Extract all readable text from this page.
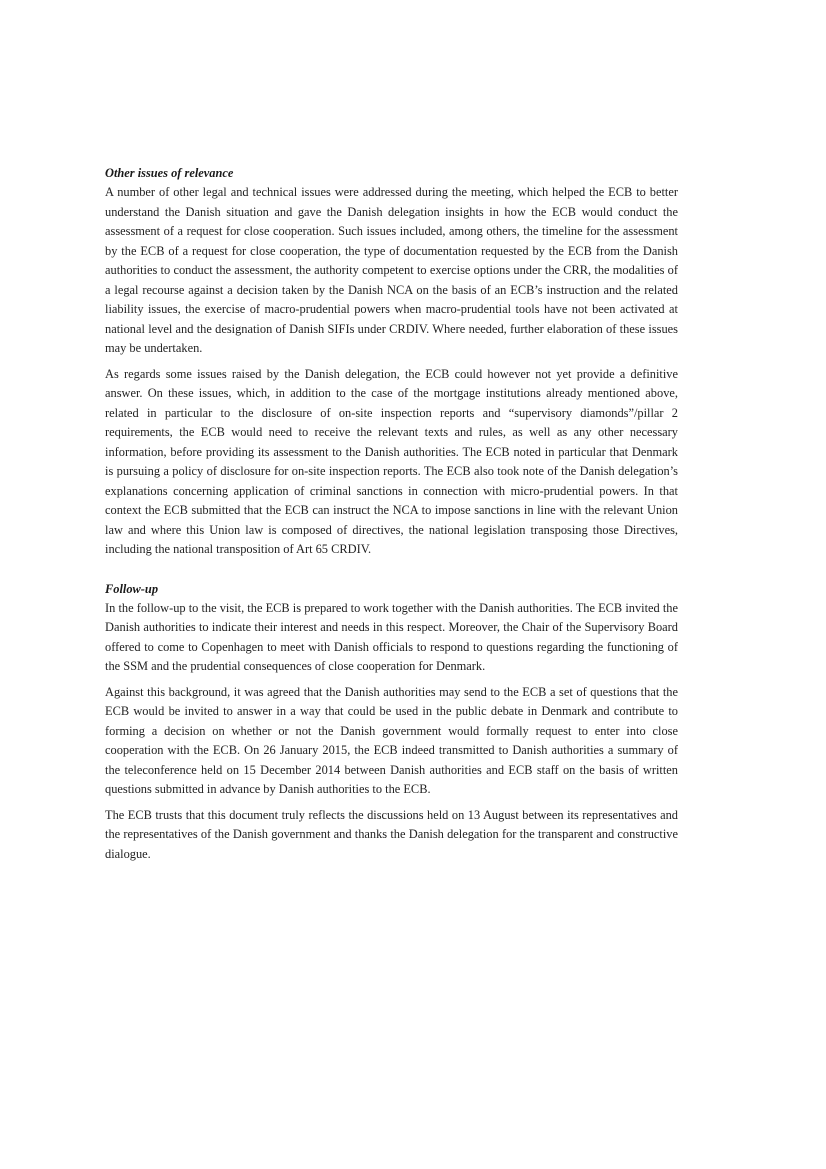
Other issues of relevance

A number of other legal and technical issues were addressed during the meeting, which helped the ECB to better understand the Danish situation and gave the Danish delegation insights in how the ECB would conduct the assessment of a request for close cooperation. Such issues included, among others, the timeline for the assessment by the ECB of a request for close cooperation, the type of documentation requested by the ECB from the Danish authorities to conduct the assessment, the authority competent to exercise options under the CRR, the modalities of a legal recourse against a decision taken by the Danish NCA on the basis of an ECB’s instruction and the related liability issues, the exercise of macro-prudential powers when macro-prudential tools have not been activated at national level and the designation of Danish SIFIs under CRDIV. Where needed, further elaboration of these issues may be undertaken.

As regards some issues raised by the Danish delegation, the ECB could however not yet provide a definitive answer. On these issues, which, in addition to the case of the mortgage institutions already mentioned above, related in particular to the disclosure of on-site inspection reports and “supervisory diamonds”/pillar 2 requirements, the ECB would need to receive the relevant texts and rules, as well as any other necessary information, before providing its assessment to the Danish authorities. The ECB noted in particular that Denmark is pursuing a policy of disclosure for on-site inspection reports. The ECB also took note of the Danish delegation’s explanations concerning application of criminal sanctions in connection with micro-prudential powers. In that context the ECB submitted that the ECB can instruct the NCA to impose sanctions in line with the relevant Union law and where this Union law is composed of directives, the national legislation transposing those Directives, including the national transposition of Art 65 CRDIV.

Follow-up

In the follow-up to the visit, the ECB is prepared to work together with the Danish authorities. The ECB invited the Danish authorities to indicate their interest and needs in this respect. Moreover, the Chair of the Supervisory Board offered to come to Copenhagen to meet with Danish officials to respond to questions regarding the functioning of the SSM and the prudential consequences of close cooperation for Denmark.

Against this background, it was agreed that the Danish authorities may send to the ECB a set of questions that the ECB would be invited to answer in a way that could be used in the public debate in Denmark and contribute to forming a decision on whether or not the Danish government would formally request to enter into close cooperation with the ECB. On 26 January 2015, the ECB indeed transmitted to Danish authorities a summary of the teleconference held on 15 December 2014 between Danish authorities and ECB staff on the basis of written questions submitted in advance by Danish authorities to the ECB.

The ECB trusts that this document truly reflects the discussions held on 13 August between its representatives and the representatives of the Danish government and thanks the Danish delegation for the transparent and constructive dialogue.
